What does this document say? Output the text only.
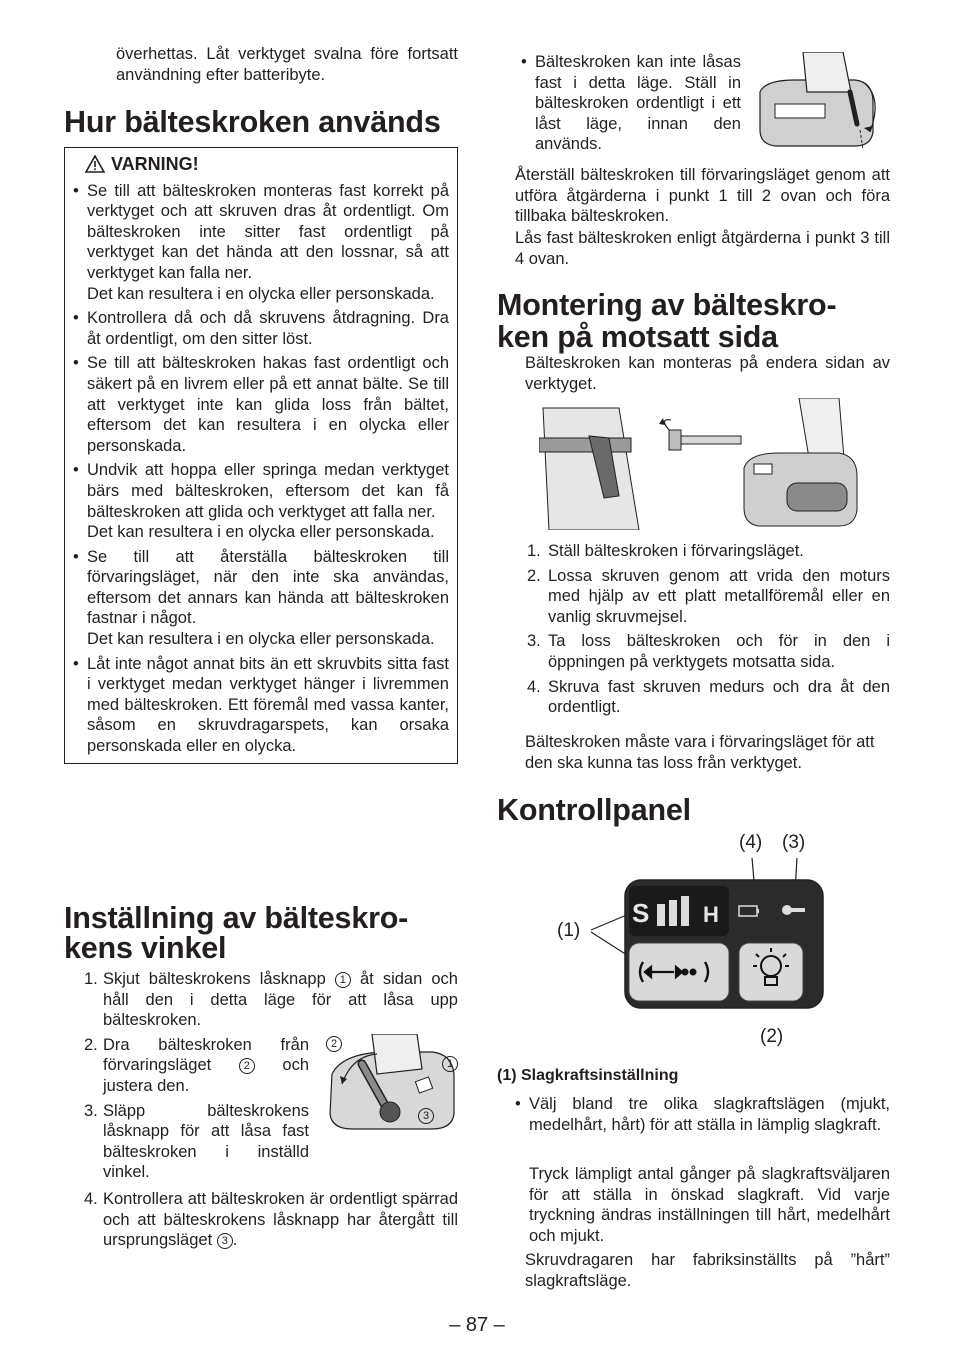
överhettas. Låt verktyget svalna före fortsatt användning efter batteribyte.

Hur bälteskroken används
VARNING!
• Se till att bälteskroken monteras fast korrekt på verktyget och att skruven dras åt ordentligt. Om bälteskroken inte sitter fast ordentligt på verktyget kan det hända att den lossnar, så att verktyget kan falla ner.
Det kan resultera i en olycka eller personskada.
• Kontrollera då och då skruvens åtdragning. Dra åt ordentligt, om den sitter löst.
• Se till att bälteskroken hakas fast ordentligt och säkert på en livrem eller på ett annat bälte. Se till att verktyget inte kan glida loss från bältet, eftersom det kan resultera i en olycka eller personskada.
• Undvik att hoppa eller springa medan verktyget bärs med bälteskroken, eftersom det kan få bälteskroken att glida och verktyget att falla ner.
Det kan resultera i en olycka eller personskada.
• Se till att återställa bälteskroken till förvaringsläget, när den inte ska användas, eftersom det annars kan hända att bälteskroken fastnar i något.
Det kan resultera i en olycka eller personskada.
• Låt inte något annat bits än ett skruvbits sitta fast i verktyget medan verktyget hänger i livremmen med bälteskroken. Ett föremål med vassa kanter, såsom en skruvdragarspets, kan orsaka personskada eller en olycka.
Inställning av bälteskro-
kens vinkel
1. Skjut bälteskrokens låsknapp 1 åt sidan och håll den i detta läge för att låsa upp bälteskroken.
2. Dra bälteskroken från förvaringsläget	2 och justera den.
3. Släpp bälteskrokens låsknapp för att låsa fast bälteskroken i inställd vinkel.
4. Kontrollera att bälteskroken är ordentligt spärrad och att bälteskrokens låsknapp har återgått till ursprungsläget 3 .
2
1
3
• Bälteskroken kan inte låsas fast i detta läge. Ställ in bälteskroken ordentligt i ett låst läge, innan den används.

Återställ bälteskroken till förvaringsläget genom att utföra åtgärderna i punkt 1 till 2 ovan och föra tillbaka bälteskroken.

Lås fast bälteskroken enligt åtgärderna i punkt 3 till 4 ovan.

Montering av bälteskro-
ken på motsatt sida

Bälteskroken kan monteras på endera sidan av verktyget.

1. Ställ bälteskroken i förvaringsläget.
2. Lossa skruven genom att vrida den moturs med hjälp av ett platt metallföremål eller en vanlig skruvmejsel.
3. Ta loss bälteskroken och för in den i öppningen på verktygets motsatta sida.
4. Skruva fast skruven medurs och dra åt den ordentligt.

Bälteskroken måste vara i förvaringsläget för att den ska kunna tas loss från verktyget.

Kontrollpanel
(4) (3)
(1)
(2)
S H

(1) Slagkraftsinställning

• Välj bland tre olika slagkraftslägen (mjukt, medelhårt, hårt) för att ställa in lämplig slagkraft.

Tryck lämpligt antal gånger på slagkraftsväljaren för att ställa in önskad slagkraft. Vid varje tryckning ändras inställningen till hårt, medelhårt och mjukt.

Skruvdragaren har fabriksinställts på ”hårt” slagkraftsläge.

– 87 –
